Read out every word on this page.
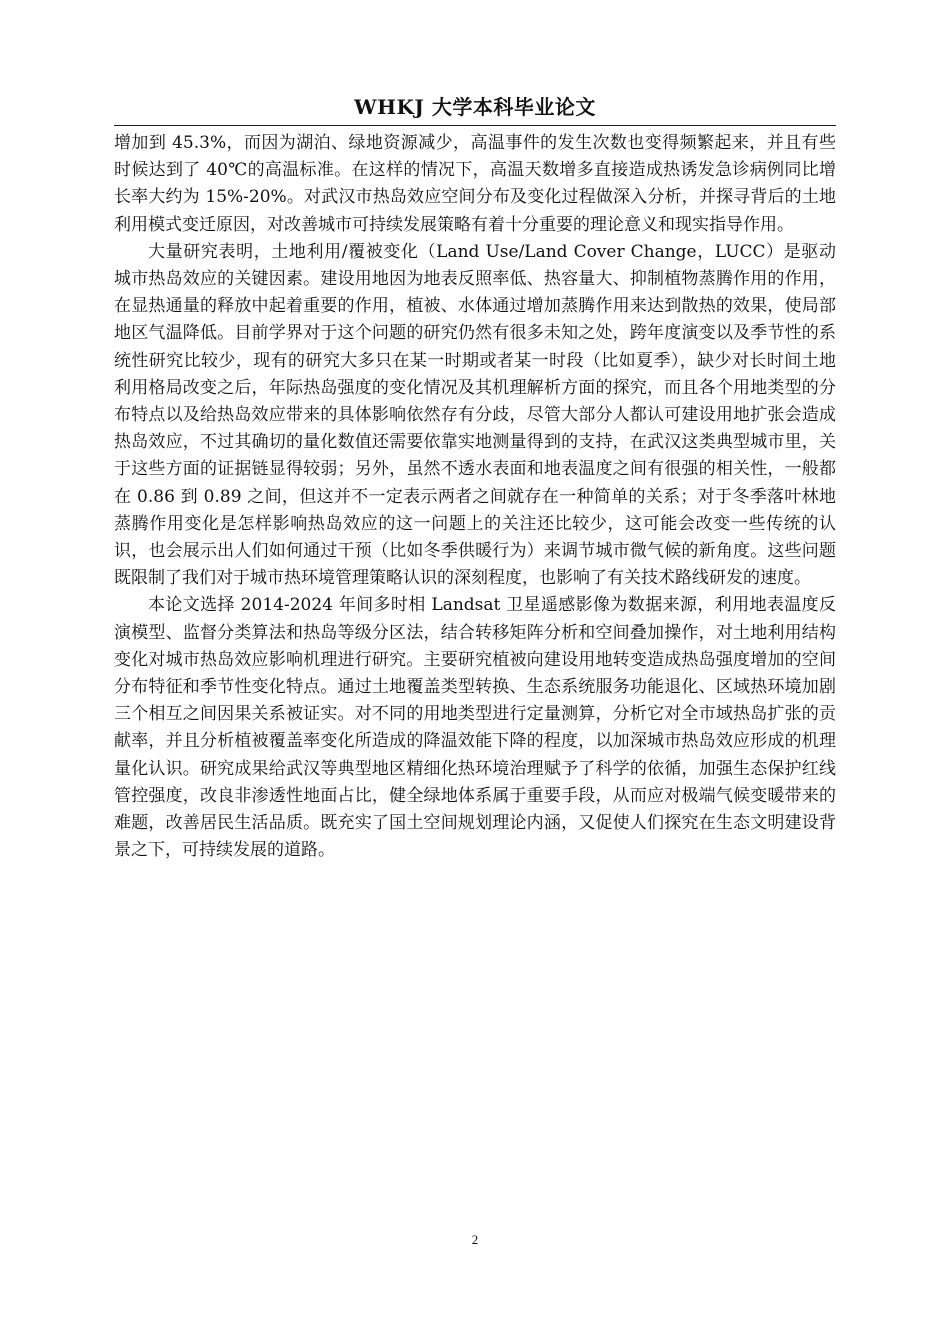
WHKJ 大学本科毕业论文

增加到 45.3%，而因为湖泊、绿地资源减少，高温事件的发生次数也变得频繁起来，并且有些时候达到了 40℃的高温标准。在这样的情况下，高温天数增多直接造成热诱发急诊病例同比增长率大约为 15%-20%。对武汉市热岛效应空间分布及变化过程做深入分析，并探寻背后的土地利用模式变迁原因，对改善城市可持续发展策略有着十分重要的理论意义和现实指导作用。

大量研究表明，土地利用/覆被变化（Land Use/Land Cover Change，LUCC）是驱动城市热岛效应的关键因素。建设用地因为地表反照率低、热容量大、抑制植物蒸腾作用的作用，在显热通量的释放中起着重要的作用，植被、水体通过增加蒸腾作用来达到散热的效果，使局部地区气温降低。目前学界对于这个问题的研究仍然有很多未知之处，跨年度演变以及季节性的系统性研究比较少，现有的研究大多只在某一时期或者某一时段（比如夏季），缺少对长时间土地利用格局改变之后，年际热岛强度的变化情况及其机理解析方面的探究，而且各个用地类型的分布特点以及给热岛效应带来的具体影响依然存有分歧，尽管大部分人都认可建设用地扩张会造成热岛效应，不过其确切的量化数值还需要依靠实地测量得到的支持，在武汉这类典型城市里，关于这些方面的证据链显得较弱；另外，虽然不透水表面和地表温度之间有很强的相关性，一般都在 0.86 到 0.89 之间，但这并不一定表示两者之间就存在一种简单的关系；对于冬季落叶林地蒸腾作用变化是怎样影响热岛效应的这一问题上的关注还比较少，这可能会改变一些传统的认识，也会展示出人们如何通过干预（比如冬季供暖行为）来调节城市微气候的新角度。这些问题既限制了我们对于城市热环境管理策略认识的深刻程度，也影响了有关技术路线研发的速度。

本论文选择 2014-2024 年间多时相 Landsat 卫星遥感影像为数据来源，利用地表温度反演模型、监督分类算法和热岛等级分区法，结合转移矩阵分析和空间叠加操作，对土地利用结构变化对城市热岛效应影响机理进行研究。主要研究植被向建设用地转变造成热岛强度增加的空间分布特征和季节性变化特点。通过土地覆盖类型转换、生态系统服务功能退化、区域热环境加剧三个相互之间因果关系被证实。对不同的用地类型进行定量测算，分析它对全市域热岛扩张的贡献率，并且分析植被覆盖率变化所造成的降温效能下降的程度，以加深城市热岛效应形成的机理量化认识。研究成果给武汉等典型地区精细化热环境治理赋予了科学的依循，加强生态保护红线管控强度，改良非渗透性地面占比，健全绿地体系属于重要手段，从而应对极端气候变暖带来的难题，改善居民生活品质。既充实了国土空间规划理论内涵，又促使人们探究在生态文明建设背景之下，可持续发展的道路。

2
